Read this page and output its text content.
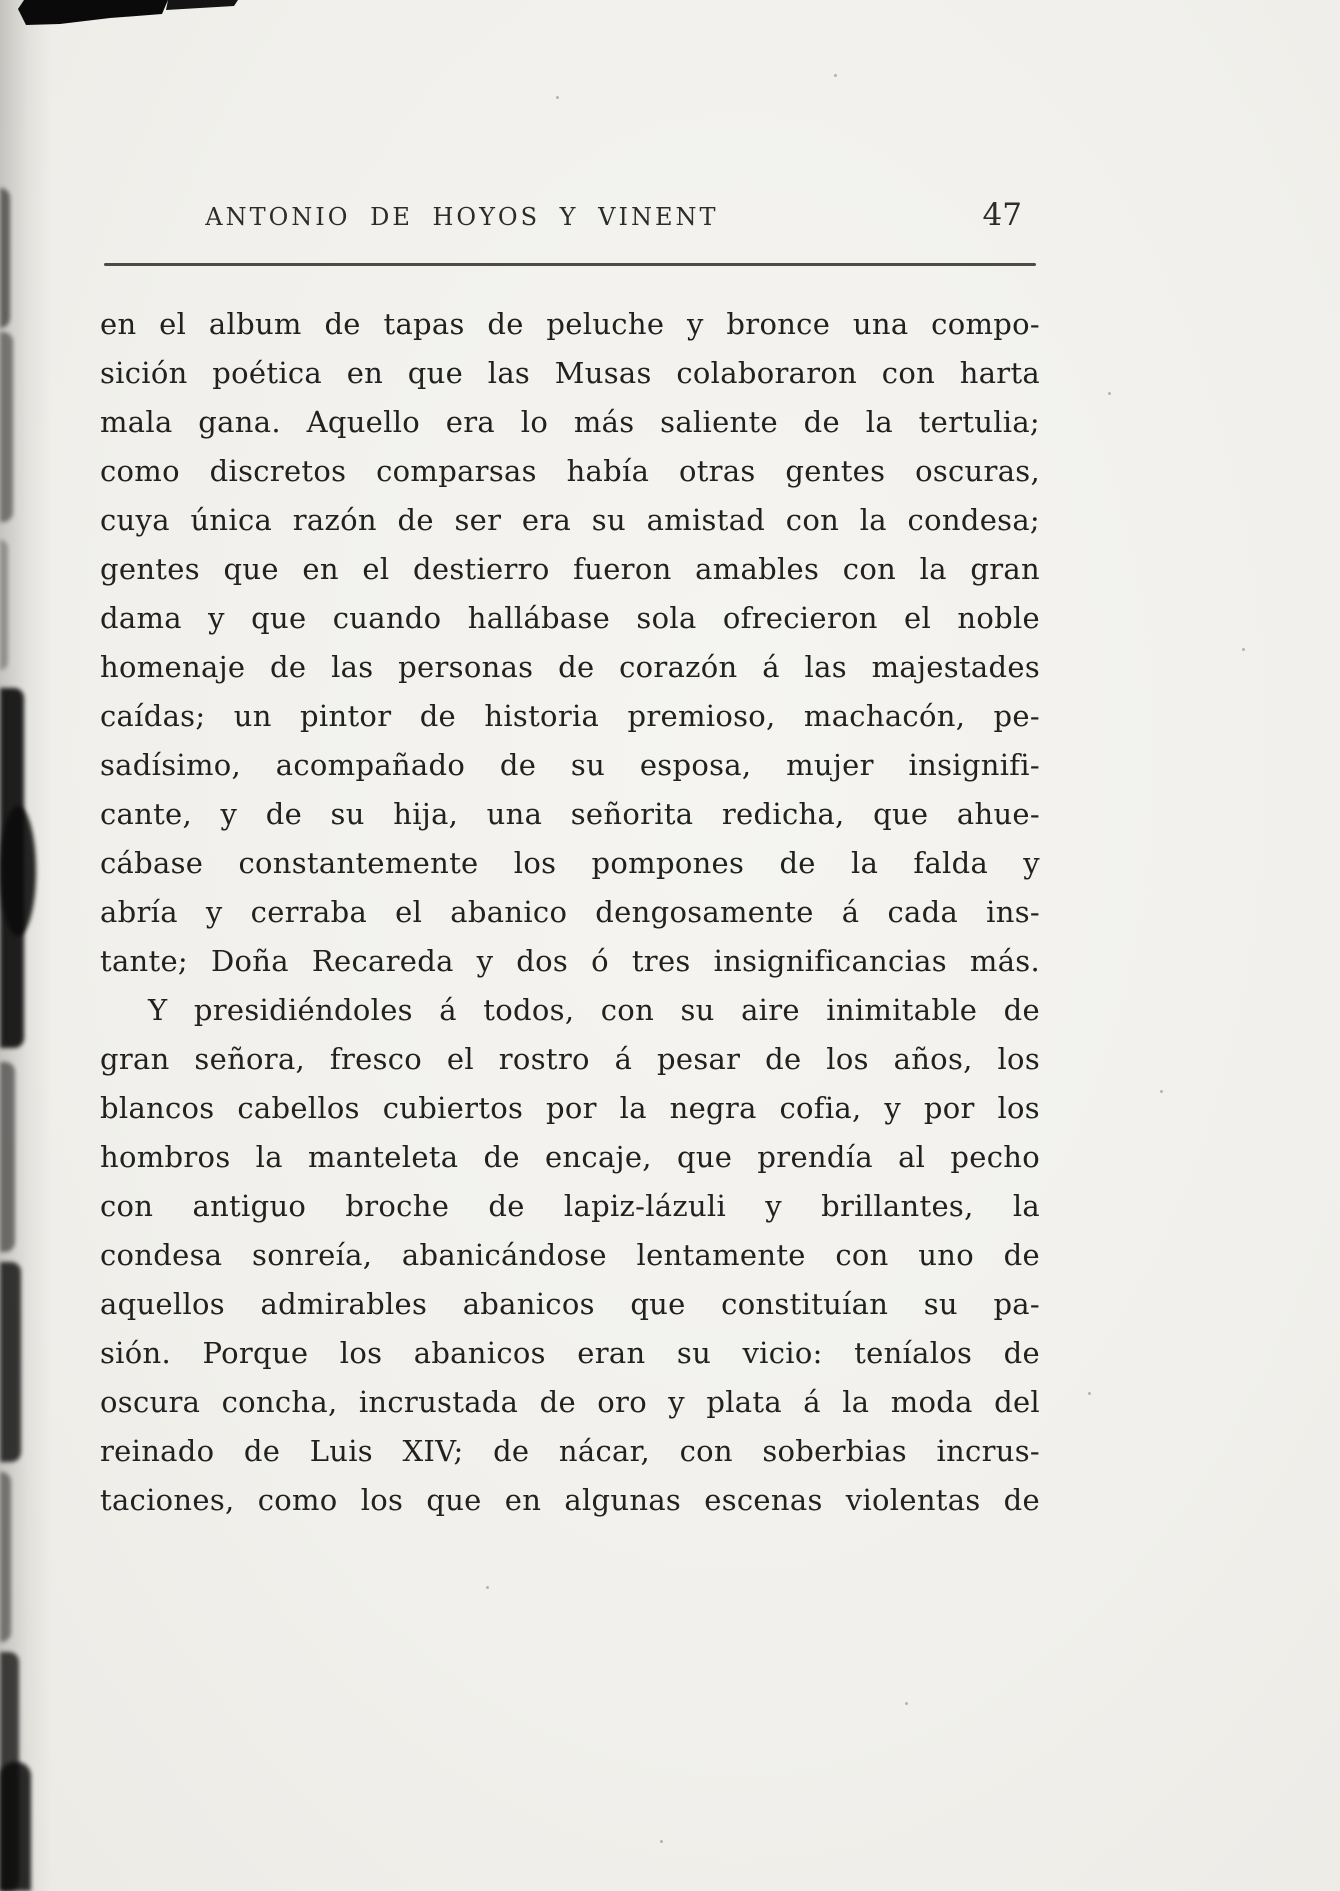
ANTONIO DE HOYOS Y VINENT	47
en el album de tapas de peluche y bronce una compo-
sición poética en que las Musas colaboraron con harta
mala gana. Aquello era lo más saliente de la tertulia;
como discretos comparsas había otras gentes oscuras,
cuya única razón de ser era su amistad con la condesa;
gentes que en el destierro fueron amables con la gran
dama y que cuando hallábase sola ofrecieron el noble
homenaje de las personas de corazón á las majestades
caídas; un pintor de historia premioso, machacón, pe-
sadísimo, acompañado de su esposa, mujer insignifi-
cante, y de su hija, una señorita redicha, que ahue-
cábase constantemente los pompones de la falda y
abría y cerraba el abanico dengosamente á cada ins-
tante; Doña Recareda y dos ó tres insignificancias más.
Y presidiéndoles á todos, con su aire inimitable de
gran señora, fresco el rostro á pesar de los años, los
blancos cabellos cubiertos por la negra cofia, y por los
hombros la manteleta de encaje, que prendía al pecho
con antiguo broche de lapiz-lázuli y brillantes, la
condesa sonreía, abanicándose lentamente con uno de
aquellos admirables abanicos que constituían su pa-
sión. Porque los abanicos eran su vicio: teníalos de
oscura concha, incrustada de oro y plata á la moda del
reinado de Luis XIV; de nácar, con soberbias incrus-
taciones, como los que en algunas escenas violentas de
